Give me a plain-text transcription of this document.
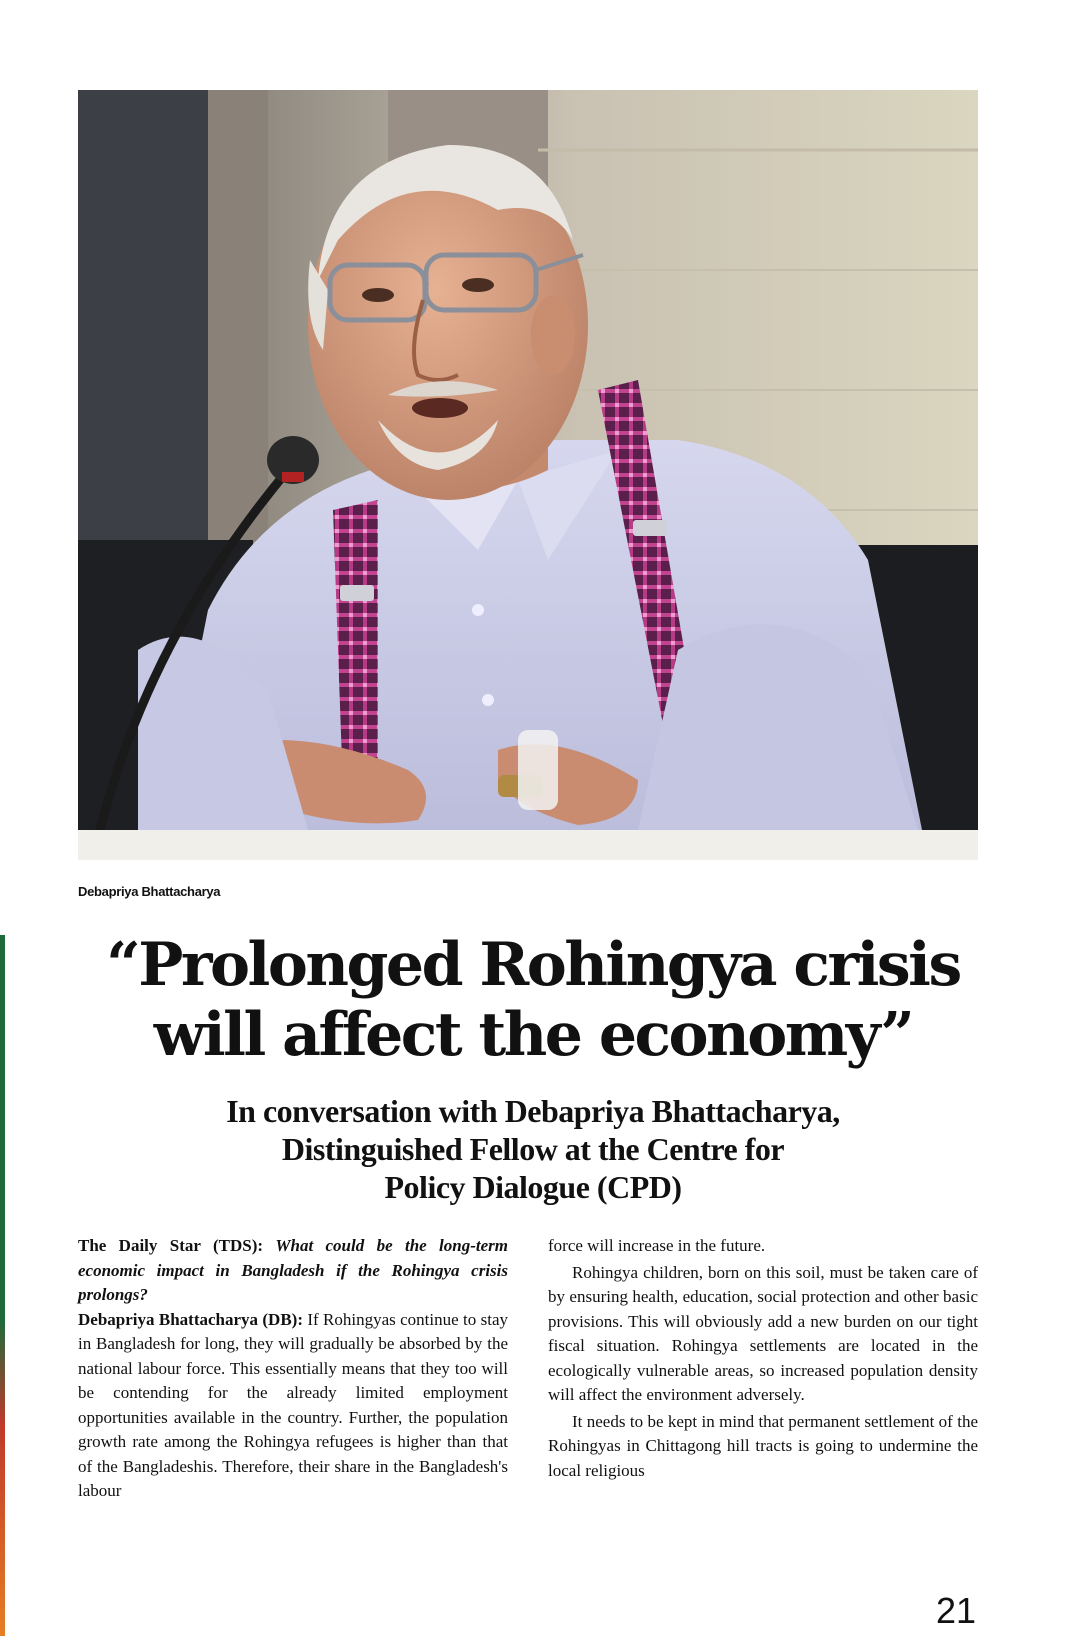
Debapriya Bhattacharya
“Prolonged Rohingya crisis
will affect the economy”
In conversation with Debapriya Bhattacharya,
Distinguished Fellow at the Centre for
Policy Dialogue (CPD)

The Daily Star (TDS): What could be the long-term economic impact in Bangladesh if the Rohingya crisis prolongs?

Debapriya Bhattacharya (DB): If Rohingyas continue to stay in Bangladesh for long, they will gradually be absorbed by the national labour force. This essentially means that they too will be contending for the already limited employment opportunities available in the country. Further, the population growth rate among the Rohingya refugees is higher than that of the Bangladeshis. Therefore, their share in the Bangladesh's labour

force will increase in the future.

Rohingya children, born on this soil, must be taken care of by ensuring health, education, social protection and other basic provisions. This will obviously add a new burden on our tight fiscal situation. Rohingya settlements are located in the ecologically vulnerable areas, so increased population density will affect the environment adversely.

It needs to be kept in mind that permanent settlement of the Rohingyas in Chittagong hill tracts is going to undermine the local religious

21
